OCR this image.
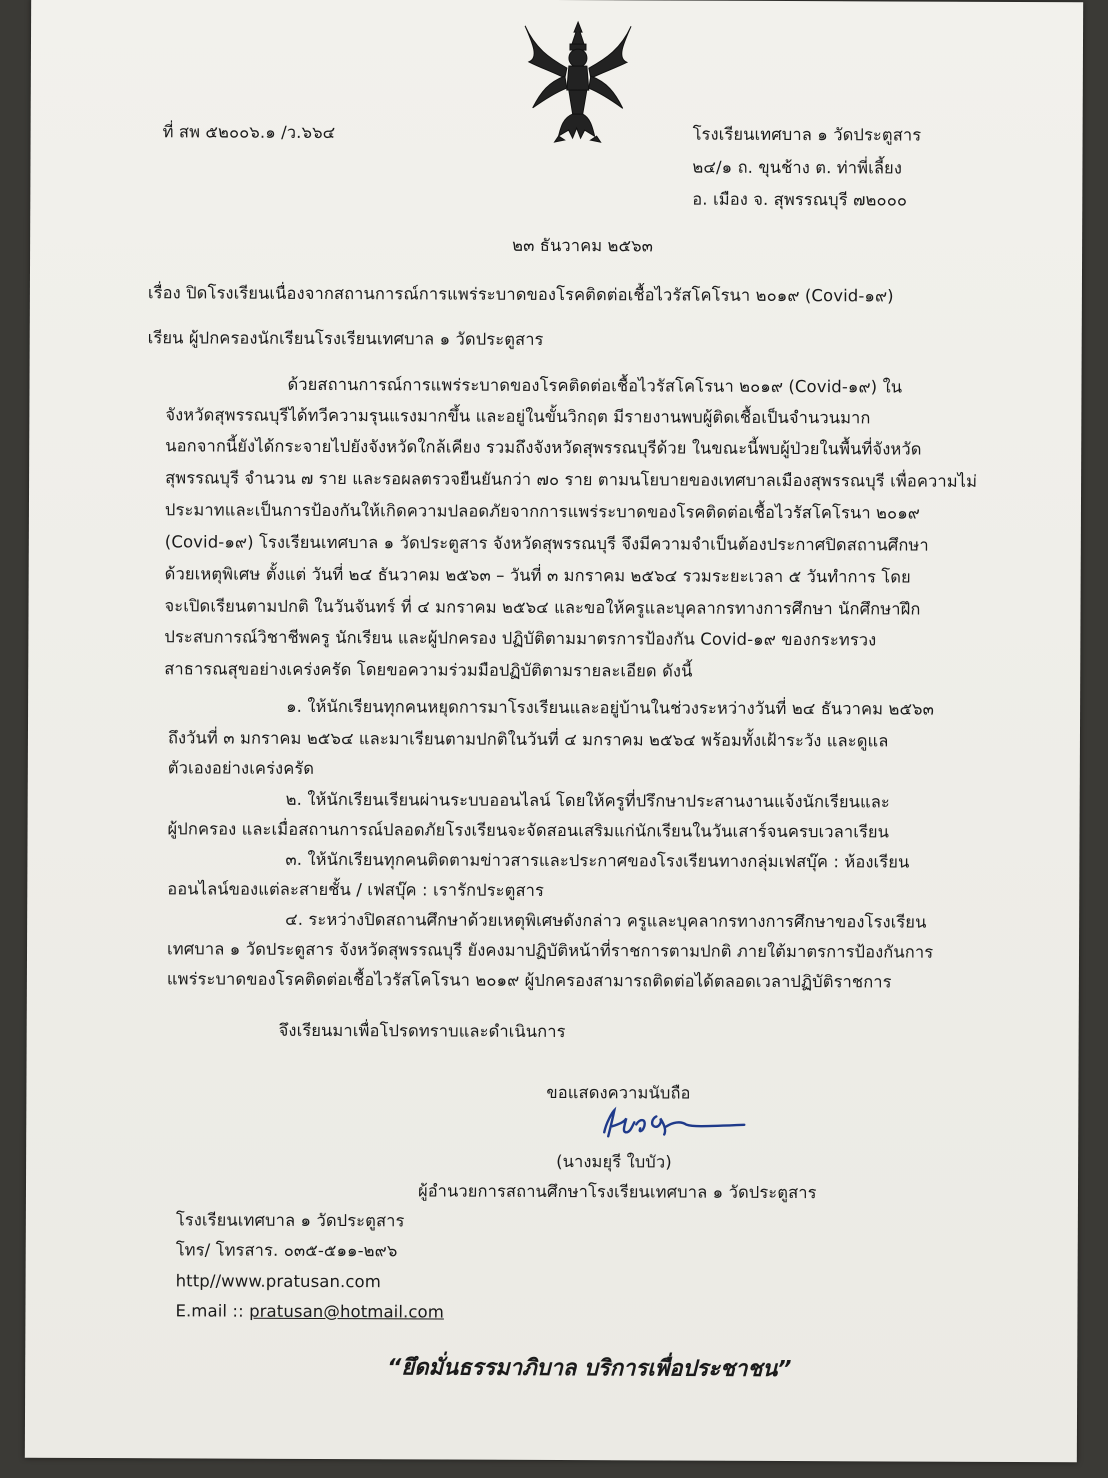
ที่ สพ ๕๒๐๐๖.๑ /ว.๖๖๔	โรงเรียนเทศบาล ๑ วัดประตูสาร
๒๔/๑ ถ. ขุนช้าง ต. ท่าพี่เลี้ยง
อ. เมือง จ. สุพรรณบุรี ๗๒๐๐๐
๒๓ ธันวาคม ๒๕๖๓
เรื่อง ปิดโรงเรียนเนื่องจากสถานการณ์การแพร่ระบาดของโรคติดต่อเชื้อไวรัสโคโรนา ๒๐๑๙ (Covid-๑๙)
เรียน ผู้ปกครองนักเรียนโรงเรียนเทศบาล ๑ วัดประตูสาร
ด้วยสถานการณ์การแพร่ระบาดของโรคติดต่อเชื้อไวรัสโคโรนา ๒๐๑๙ (Covid-๑๙) ใน
จังหวัดสุพรรณบุรีได้ทวีความรุนแรงมากขึ้น และอยู่ในขั้นวิกฤต มีรายงานพบผู้ติดเชื้อเป็นจำนวนมาก
นอกจากนี้ยังได้กระจายไปยังจังหวัดใกล้เคียง รวมถึงจังหวัดสุพรรณบุรีด้วย ในขณะนี้พบผู้ป่วยในพื้นที่จังหวัด
สุพรรณบุรี จำนวน ๗ ราย และรอผลตรวจยืนยันกว่า ๗๐ ราย ตามนโยบายของเทศบาลเมืองสุพรรณบุรี เพื่อความไม่
ประมาทและเป็นการป้องกันให้เกิดความปลอดภัยจากการแพร่ระบาดของโรคติดต่อเชื้อไวรัสโคโรนา ๒๐๑๙
(Covid-๑๙) โรงเรียนเทศบาล ๑ วัดประตูสาร จังหวัดสุพรรณบุรี จึงมีความจำเป็นต้องประกาศปิดสถานศึกษา
ด้วยเหตุพิเศษ ตั้งแต่ วันที่ ๒๔ ธันวาคม ๒๕๖๓ – วันที่ ๓ มกราคม ๒๕๖๔ รวมระยะเวลา ๕ วันทำการ โดย
จะเปิดเรียนตามปกติ ในวันจันทร์ ที่ ๔ มกราคม ๒๕๖๔ และขอให้ครูและบุคลากรทางการศึกษา นักศึกษาฝึก
ประสบการณ์วิชาชีพครู นักเรียน และผู้ปกครอง ปฏิบัติตามมาตรการป้องกัน Covid-๑๙ ของกระทรวง
สาธารณสุขอย่างเคร่งครัด โดยขอความร่วมมือปฏิบัติตามรายละเอียด ดังนี้
๑. ให้นักเรียนทุกคนหยุดการมาโรงเรียนและอยู่บ้านในช่วงระหว่างวันที่ ๒๔ ธันวาคม ๒๕๖๓
ถึงวันที่ ๓ มกราคม ๒๕๖๔ และมาเรียนตามปกติในวันที่ ๔ มกราคม ๒๕๖๔ พร้อมทั้งเฝ้าระวัง และดูแล
ตัวเองอย่างเคร่งครัด
๒. ให้นักเรียนเรียนผ่านระบบออนไลน์ โดยให้ครูที่ปรึกษาประสานงานแจ้งนักเรียนและ
ผู้ปกครอง และเมื่อสถานการณ์ปลอดภัยโรงเรียนจะจัดสอนเสริมแก่นักเรียนในวันเสาร์จนครบเวลาเรียน
๓. ให้นักเรียนทุกคนติดตามข่าวสารและประกาศของโรงเรียนทางกลุ่มเฟสบุ๊ค : ห้องเรียน
ออนไลน์ของแต่ละสายชั้น / เฟสบุ๊ค : เรารักประตูสาร
๔. ระหว่างปิดสถานศึกษาด้วยเหตุพิเศษดังกล่าว ครูและบุคลากรทางการศึกษาของโรงเรียน
เทศบาล ๑ วัดประตูสาร จังหวัดสุพรรณบุรี ยังคงมาปฏิบัติหน้าที่ราชการตามปกติ ภายใต้มาตรการป้องกันการ
แพร่ระบาดของโรคติดต่อเชื้อไวรัสโคโรนา ๒๐๑๙ ผู้ปกครองสามารถติดต่อได้ตลอดเวลาปฏิบัติราชการ
จึงเรียนมาเพื่อโปรดทราบและดำเนินการ
ขอแสดงความนับถือ
(นางมยุรี ใบบัว)
ผู้อำนวยการสถานศึกษาโรงเรียนเทศบาล ๑ วัดประตูสาร
โรงเรียนเทศบาล ๑ วัดประตูสาร
โทร/ โทรสาร. ๐๓๕-๕๑๑-๒๙๖
http//www.pratusan.com
E.mail :: pratusan@hotmail.com
“ยึดมั่นธรรมาภิบาล บริการเพื่อประชาชน”
